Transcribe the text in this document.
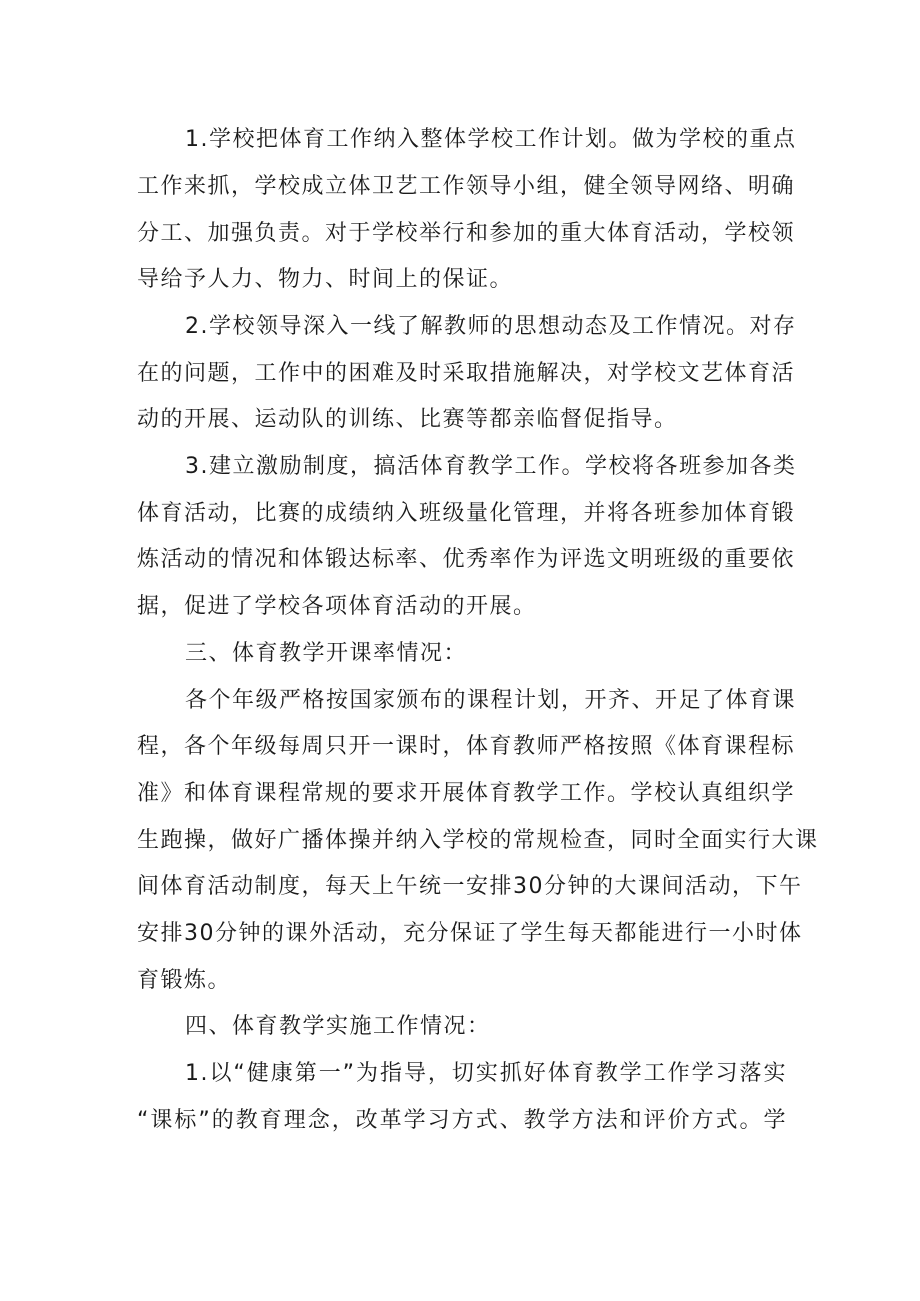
1.学校把体育工作纳入整体学校工作计划。做为学校的重点
工作来抓，学校成立体卫艺工作领导小组，健全领导网络、明确
分工、加强负责。对于学校举行和参加的重大体育活动，学校领
导给予人力、物力、时间上的保证。
2.学校领导深入一线了解教师的思想动态及工作情况。对存
在的问题，工作中的困难及时采取措施解决，对学校文艺体育活
动的开展、运动队的训练、比赛等都亲临督促指导。
3.建立激励制度，搞活体育教学工作。学校将各班参加各类
体育活动，比赛的成绩纳入班级量化管理，并将各班参加体育锻
炼活动的情况和体锻达标率、优秀率作为评选文明班级的重要依
据，促进了学校各项体育活动的开展。
三、体育教学开课率情况：
各个年级严格按国家颁布的课程计划，开齐、开足了体育课
程，各个年级每周只开一课时，体育教师严格按照《体育课程标
准》和体育课程常规的要求开展体育教学工作。学校认真组织学
生跑操，做好广播体操并纳入学校的常规检查，同时全面实行大课
间体育活动制度，每天上午统一安排30分钟的大课间活动，下午
安排30分钟的课外活动，充分保证了学生每天都能进行一小时体
育锻炼。
四、体育教学实施工作情况：
1.以“健康第一”为指导，切实抓好体育教学工作学习落实
“课标”的教育理念，改革学习方式、教学方法和评价方式。学
